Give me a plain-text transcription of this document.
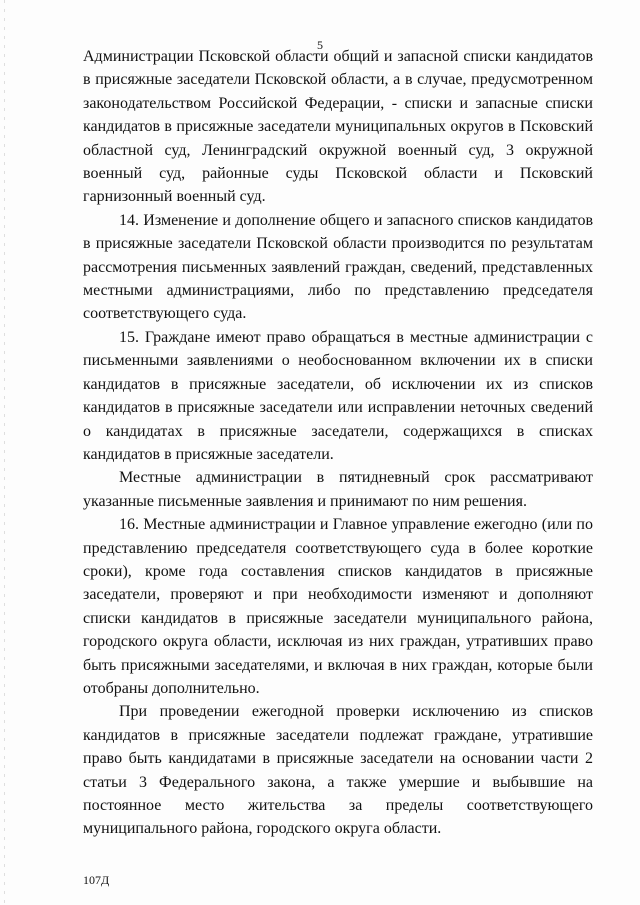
5

Администрации Псковской области общий и запасной списки кандидатов в присяжные заседатели Псковской области, а в случае, предусмотренном законодательством Российской Федерации, - списки и запасные списки кандидатов в присяжные заседатели муниципальных округов в Псковский областной суд, Ленинградский окружной военный суд, 3 окружной военный суд, районные суды Псковской области и Псковский гарнизонный военный суд.

14. Изменение и дополнение общего и запасного списков кандидатов в присяжные заседатели Псковской области производится по результатам рассмотрения письменных заявлений граждан, сведений, представленных местными администрациями, либо по представлению председателя соответствующего суда.

15. Граждане имеют право обращаться в местные администрации с письменными заявлениями о необоснованном включении их в списки кандидатов в присяжные заседатели, об исключении их из списков кандидатов в присяжные заседатели или исправлении неточных сведений о кандидатах в присяжные заседатели, содержащихся в списках кандидатов в присяжные заседатели.

Местные администрации в пятидневный срок рассматривают указанные письменные заявления и принимают по ним решения.

16. Местные администрации и Главное управление ежегодно (или по представлению председателя соответствующего суда в более короткие сроки), кроме года составления списков кандидатов в присяжные заседатели, проверяют и при необходимости изменяют и дополняют списки кандидатов в присяжные заседатели муниципального района, городского округа области, исключая из них граждан, утративших право быть присяжными заседателями, и включая в них граждан, которые были отобраны дополнительно.

При проведении ежегодной проверки исключению из списков кандидатов в присяжные заседатели подлежат граждане, утратившие право быть кандидатами в присяжные заседатели на основании части 2 статьи 3 Федерального закона, а также умершие и выбывшие на постоянное место жительства за пределы соответствующего муниципального района, городского округа области.

107Д
